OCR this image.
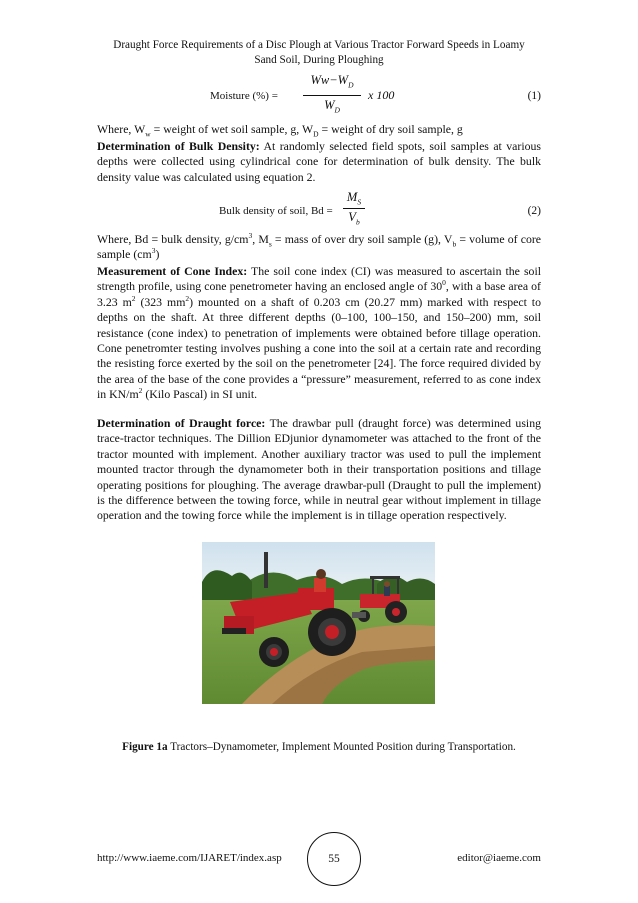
Draught Force Requirements of a Disc Plough at Various Tractor Forward Speeds in Loamy
Sand Soil, During Ploughing
Moisture (%) =
$Ww-W_D$
$W_D$
x 100	(1)
Where, $W_w$ = weight of wet soil sample, g, $W_D$ = weight of dry soil sample, g
Determination of Bulk Density: At randomly selected field spots, soil samples at various depths were collected using cylindrical cone for determination of bulk density. The bulk density value was calculated using equation 2.
Bulk density of soil, Bd =
$M_S$
$V_b$
(2)
Where, Bd = bulk density, $g/cm^3$, $M_s$ = mass of over dry soil sample (g), $V_b$ = volume of core sample $(cm^3)$
Measurement of Cone Index: The soil cone index (CI) was measured to ascertain the soil strength profile, using cone penetrometer having an enclosed angle of $30^0$, with a base area of 3.23 $m^2$ (323 $mm^2$) mounted on a shaft of 0.203 cm (20.27 mm) marked with respect to depths on the shaft. At three different depths (0–100, 100–150, and 150–200) mm, soil resistance (cone index) to penetration of implements were obtained before tillage operation. Cone penetromter testing involves pushing a cone into the soil at a certain rate and recording the resisting force exerted by the soil on the penetrometer [24]. The force required divided by the area of the base of the cone provides a “pressure” measurement, referred to as cone index in $KN/m^2$ (Kilo Pascal) in SI unit.
Determination of Draught force: The drawbar pull (draught force) was determined using trace-tractor techniques. The Dillion EDjunior dynamometer was attached to the front of the tractor mounted with implement. Another auxiliary tractor was used to pull the implement mounted tractor through the dynamometer both in their transportation positions and tillage operating positions for ploughing. The average drawbar-pull (Draught to pull the implement) is the difference between the towing force, while in neutral gear without implement in tillage operation and the towing force while the implement is in tillage operation respectively.
Figure 1a Tractors–Dynamometer, Implement Mounted Position during Transportation.
http://www.iaeme.com/IJARET/index.asp	55	editor@iaeme.com
